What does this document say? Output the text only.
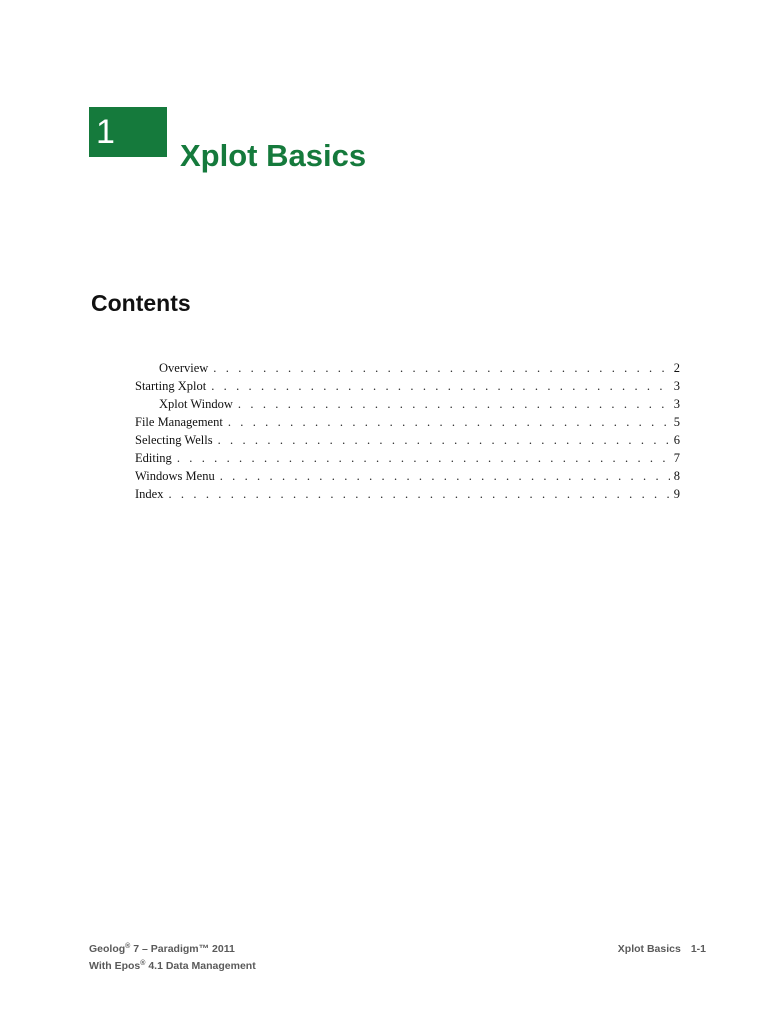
1
Xplot Basics
Contents
Overview . . .	2
Starting Xplot . . .	3
Xplot Window . . .	3
File Management . . .	5
Selecting Wells . . .	6
Editing . . .	7
Windows Menu . . .	8
Index . . .	9
Geolog® 7 – Paradigm™ 2011
With Epos® 4.1 Data Management
Xplot Basics 1-1
